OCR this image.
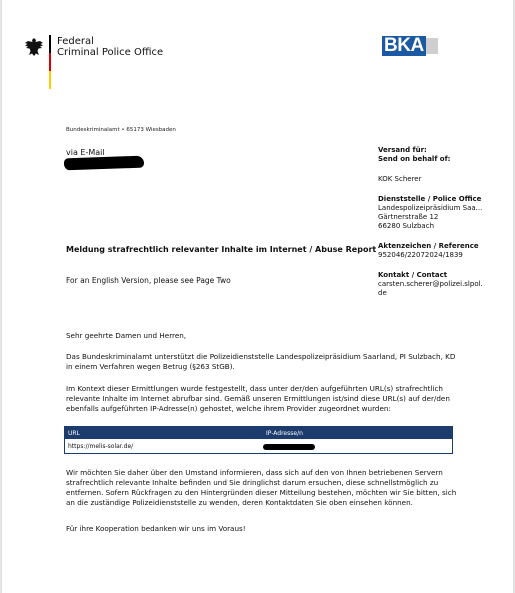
Federal
Criminal Police Office	BKA
Bundeskriminalamt • 65173 Wiesbaden
via E-Mail	Versand für:

Send on behalf of:

KOK Scherer

Dienststelle / Police Office

Landespolizeipräsidium Saa...

Gärtnerstraße 12

66280 Sulzbach

Aktenzeichen / Reference

952046/22072024/1839

Kontakt / Contact

carsten.scherer@polizei.slpol.de

Meldung strafrechtlich relevanter Inhalte im Internet / Abuse Report
For an English Version, please see Page Two

Sehr geehrte Damen und Herren,

Das Bundeskriminalamt unterstützt die Polizeidienststelle Landespolizeipräsidium Saarland, PI Sulzbach, KD in einem Verfahren wegen Betrug (§263 StGB).

Im Kontext dieser Ermittlungen wurde festgestellt, dass unter der/den aufgeführten URL(s) strafrechtlich relevante Inhalte im Internet abrufbar sind. Gemäß unseren Ermittlungen ist/sind diese URL(s) auf der/den ebenfalls aufgeführten IP-Adresse(n) gehostet, welche ihrem Provider zugeordnet wurden:

Wir möchten Sie daher über den Umstand informieren, dass sich auf den von Ihnen betriebenen Servern strafrechtlich relevante Inhalte befinden und Sie dringlichst darum ersuchen, diese schnellstmöglich zu entfernen. Sofern Rückfragen zu den Hintergründen dieser Mitteilung bestehen, möchten wir Sie bitten, sich an die zuständige Polizeidienststelle zu wenden, deren Kontaktdaten Sie oben einsehen können.

Für ihre Kooperation bedanken wir uns im Voraus!

URL	IP-Adresse/n
https://melis-solar.de/
